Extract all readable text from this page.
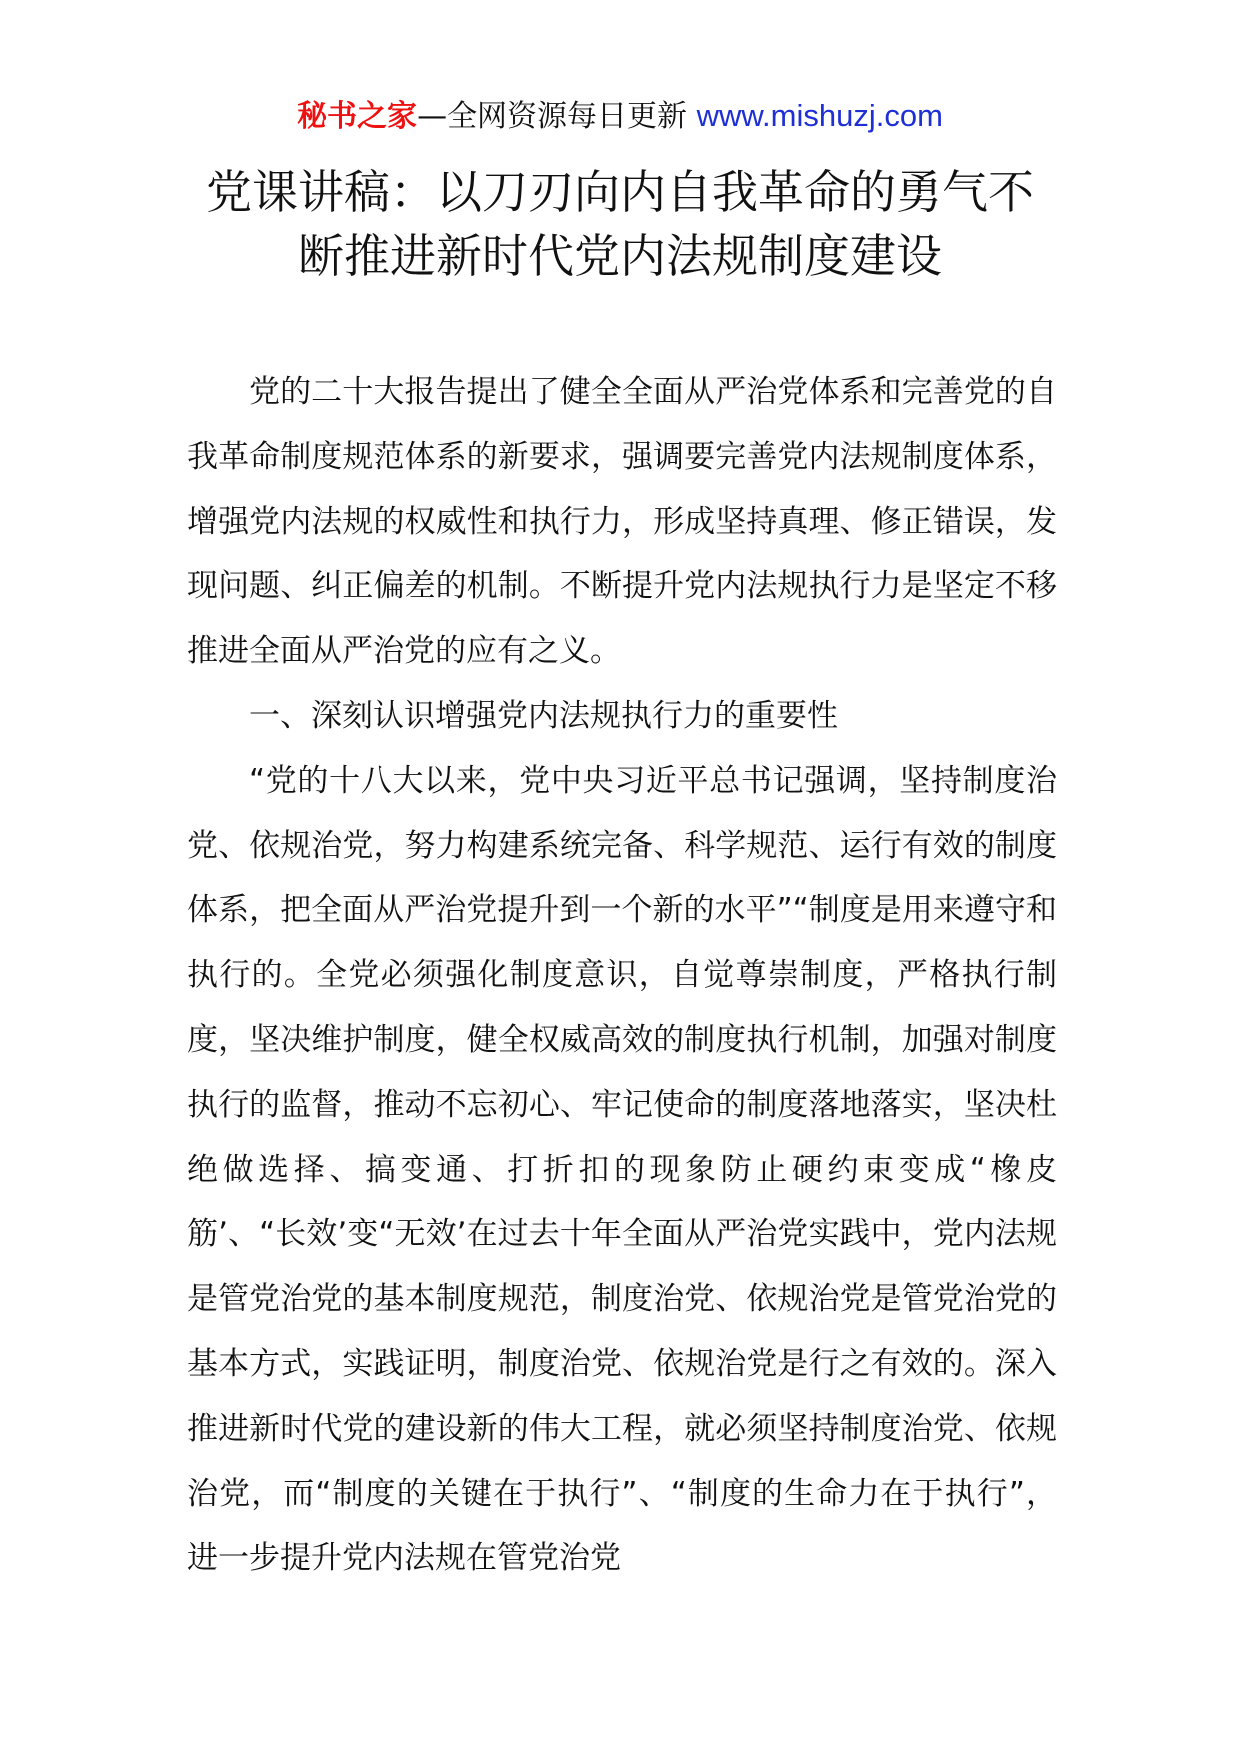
秘书之家—全网资源每日更新 www.mishuzj.com
党课讲稿：以刀刃向内自我革命的勇气不
断推进新时代党内法规制度建设

党的二十大报告提出了健全全面从严治党体系和完善党的自我革命制度规范体系的新要求，强调要完善党内法规制度体系，增强党内法规的权威性和执行力，形成坚持真理、修正错误，发现问题、纠正偏差的机制。不断提升党内法规执行力是坚定不移推进全面从严治党的应有之义。

一、深刻认识增强党内法规执行力的重要性

“党的十八大以来，党中央习近平总书记强调，坚持制度治党、依规治党，努力构建系统完备、科学规范、运行有效的制度体系，把全面从严治党提升到一个新的水平”“制度是用来遵守和执行的。全党必须强化制度意识，自觉尊崇制度，严格执行制度，坚决维护制度，健全权威高效的制度执行机制，加强对制度执行的监督，推动不忘初心、牢记使命的制度落地落实，坚决杜绝做选择、搞变通、打折扣的现象防止硬约束变成“橡皮筋’、“长效’变“无效’在过去十年全面从严治党实践中，党内法规是管党治党的基本制度规范，制度治党、依规治党是管党治党的基本方式，实践证明，制度治党、依规治党是行之有效的。深入推进新时代党的建设新的伟大工程，就必须坚持制度治党、依规治党，而“制度的关键在于执行”、“制度的生命力在于执行”，进一步提升党内法规在管党治党
